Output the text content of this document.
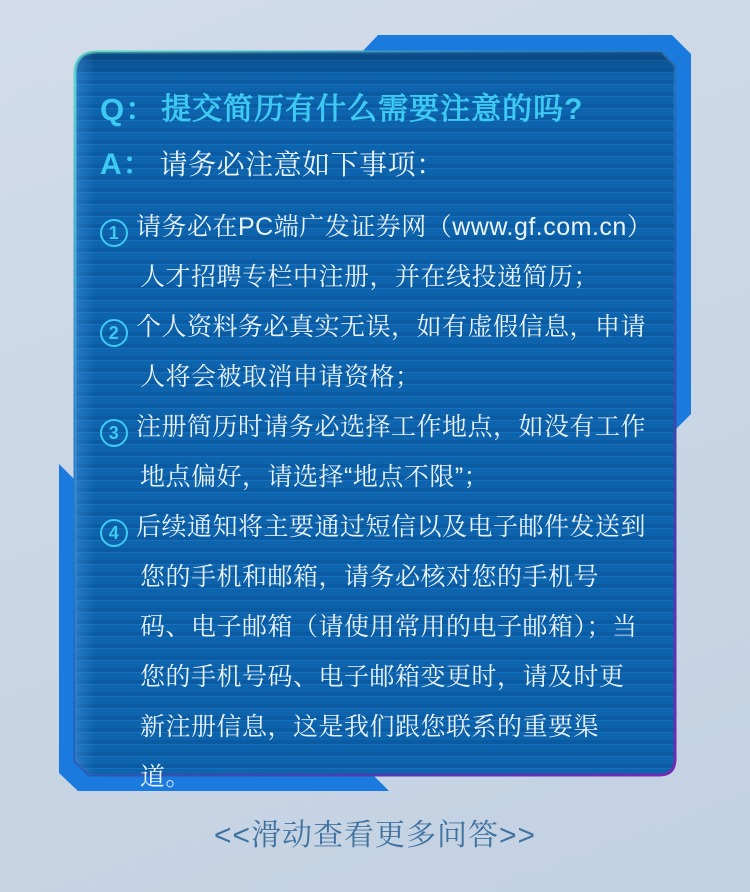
Q： 提交简历有什么需要注意的吗?
A： 请务必注意如下事项：
1 请务必在PC端广发证券网（www.gf.com.cn）人才招聘专栏中注册，并在线投递简历；
2 个人资料务必真实无误，如有虚假信息，申请人将会被取消申请资格；
3 注册简历时请务必选择工作地点，如没有工作地点偏好，请选择“地点不限”；
4 后续通知将主要通过短信以及电子邮件发送到您的手机和邮箱，请务必核对您的手机号码、电子邮箱（请使用常用的电子邮箱）；当您的手机号码、电子邮箱变更时，请及时更新注册信息，这是我们跟您联系的重要渠道。
<<滑动查看更多问答>>
